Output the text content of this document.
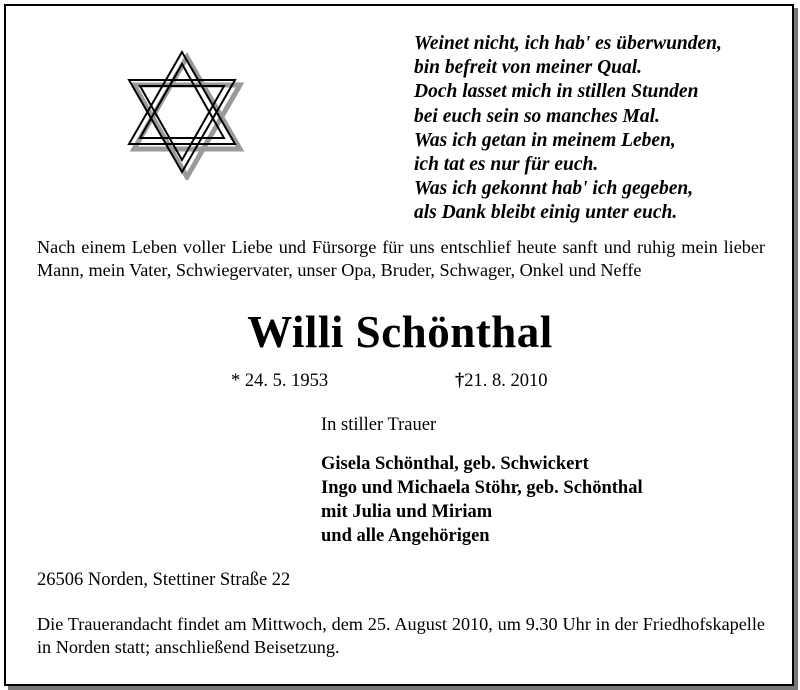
Weinet nicht, ich hab' es überwunden,
bin befreit von meiner Qual.
Doch lasset mich in stillen Stunden
bei euch sein so manches Mal.
Was ich getan in meinem Leben,
ich tat es nur für euch.
Was ich gekonnt hab' ich gegeben,
als Dank bleibt einig unter euch.
Nach einem Leben voller Liebe und Fürsorge für uns entschlief heute sanft und ruhig mein lieber Mann, mein Vater, Schwiegervater, unser Opa, Bruder, Schwager, Onkel und Neffe
Willi Schönthal
* 24. 5. 1953	†21. 8. 2010
In stiller Trauer
Gisela Schönthal, geb. Schwickert
Ingo und Michaela Stöhr, geb. Schönthal
mit Julia und Miriam
und alle Angehörigen
26506 Norden, Stettiner Straße 22
Die Trauerandacht findet am Mittwoch, dem 25. August 2010, um 9.30 Uhr in der Friedhofskapelle in Norden statt; anschließend Beisetzung.
